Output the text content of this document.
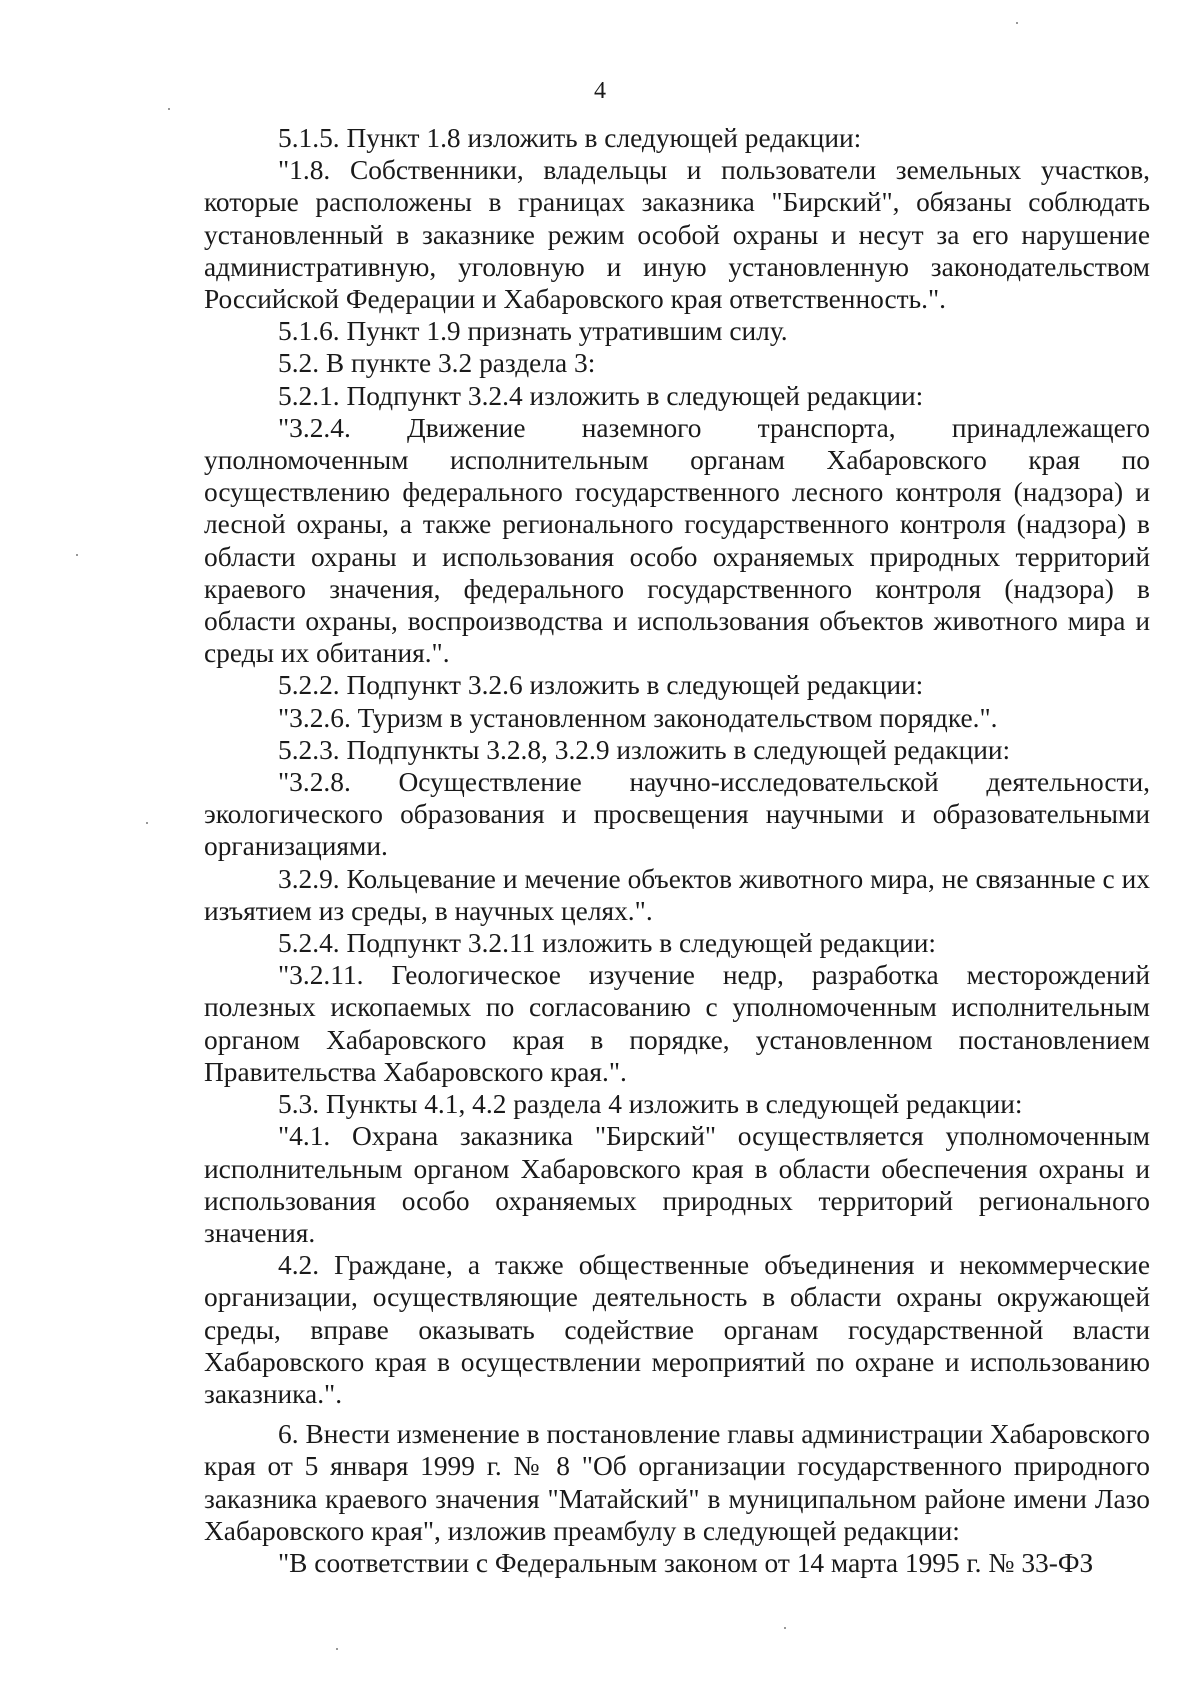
4

5.1.5. Пункт 1.8 изложить в следующей редакции:

"1.8. Собственники, владельцы и пользователи земельных участков, которые расположены в границах заказника "Бирский", обязаны соблюдать установленный в заказнике режим особой охраны и несут за его нарушение административную, уголовную и иную установленную законодательством Российской Федерации и Хабаровского края ответственность.".

5.1.6. Пункт 1.9 признать утратившим силу.

5.2. В пункте 3.2 раздела 3:

5.2.1. Подпункт 3.2.4 изложить в следующей редакции:

"3.2.4. Движение наземного транспорта, принадлежащего уполномоченным исполнительным органам Хабаровского края по осуществлению федерального государственного лесного контроля (надзора) и лесной охраны, а также регионального государственного контроля (надзора) в области охраны и использования особо охраняемых природных территорий краевого значения, федерального государственного контроля (надзора) в области охраны, воспроизводства и использования объектов животного мира и среды их обитания.".

5.2.2. Подпункт 3.2.6 изложить в следующей редакции:

"3.2.6. Туризм в установленном законодательством порядке.".

5.2.3. Подпункты 3.2.8, 3.2.9 изложить в следующей редакции:

"3.2.8. Осуществление научно-исследовательской деятельности, экологического образования и просвещения научными и образовательными организациями.

3.2.9. Кольцевание и мечение объектов животного мира, не связанные с их изъятием из среды, в научных целях.".

5.2.4. Подпункт 3.2.11 изложить в следующей редакции:

"3.2.11. Геологическое изучение недр, разработка месторождений полезных ископаемых по согласованию с уполномоченным исполнительным органом Хабаровского края в порядке, установленном постановлением Правительства Хабаровского края.".

5.3. Пункты 4.1, 4.2 раздела 4 изложить в следующей редакции:

"4.1. Охрана заказника "Бирский" осуществляется уполномоченным исполнительным органом Хабаровского края в области обеспечения охраны и использования особо охраняемых природных территорий регионального значения.

4.2. Граждане, а также общественные объединения и некоммерческие организации, осуществляющие деятельность в области охраны окружающей среды, вправе оказывать содействие органам государственной власти Хабаровского края в осуществлении мероприятий по охране и использованию заказника.".

6. Внести изменение в постановление главы администрации Хабаровского края от 5 января 1999 г. № 8 "Об организации государственного природного заказника краевого значения "Матайский" в муниципальном районе имени Лазо Хабаровского края", изложив преамбулу в следующей редакции:

"В соответствии с Федеральным законом от 14 марта 1995 г. № 33-ФЗ
